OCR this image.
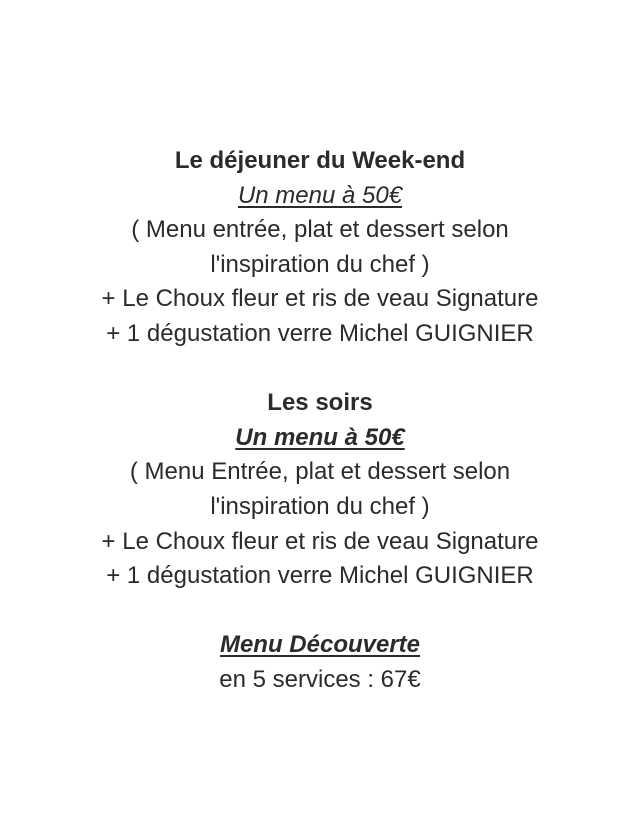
Le déjeuner du Week-end
Un menu à 50€
( Menu entrée, plat et dessert selon
l'inspiration du chef )
+ Le Choux fleur et ris de veau Signature
+ 1 dégustation verre Michel GUIGNIER
Les soirs
Un menu à 50€
( Menu Entrée, plat et dessert selon
l'inspiration du chef )
+ Le Choux fleur et ris de veau Signature
+ 1 dégustation verre Michel GUIGNIER
Menu Découverte
en 5 services : 67€
